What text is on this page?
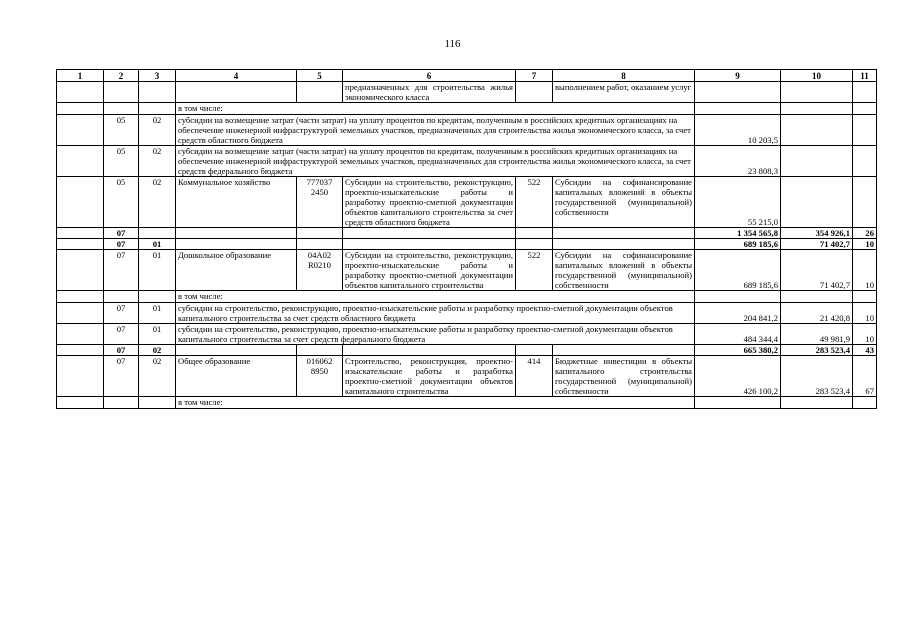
116
1	2	3	4	5	6	7	8	9	10	11
					предназначенных для строительства жилья экономического класса		выполнением работ, оказанием услуг			
			в том числе:							
	05	02	субсидии на возмещение затрат (части затрат) на уплату процентов по кредитам, полученным в российских кредитных организациях на обеспечение инженерной инфраструктурой земельных участков, предназначенных для строительства жилья экономического класса, за счет средств областного бюджета					10 203,5		
	05	02	субсидии на возмещение затрат (части затрат) на уплату процентов по кредитам, полученным в российских кредитных организациях на обеспечение инженерной инфраструктурой земельных участков, предназначенных для строительства жилья экономического класса, за счет средств федерального бюджета					23 808,3		
	05	02	Коммунальное хозяйство	777037 2450	Субсидии на строительство, реконструкцию, проектно-изыскательские работы и разработку проектно-сметной документации объектов капитального строительства за счет средств областного бюджета	522	Субсидии на софинансирование капитальных вложений в объекты государственной (муниципальной) собственности	55 215,0		
	07							1 354 565,8	354 926,1	26
	07	01						689 185,6	71 402,7	10
	07	01	Дошкольное образование	04А02 R0210	Субсидии на строительство, реконструкцию, проектно-изыскательские работы и разработку проектно-сметной документации объектов капитального строительства	522	Субсидии на софинансирование капитальных вложений в объекты государственной (муниципальной) собственности	689 185,6	71 402,7	10
			в том числе:							
	07	01	субсидии на строительство, реконструкцию, проектно-изыскательские работы и разработку проектно-сметной документации объектов капитального строительства за счет средств областного бюджета					204 841,2	21 420,8	10
	07	01	субсидии на строительство, реконструкцию, проектно-изыскательские работы и разработку проектно-сметной документации объектов капитального строительства за счет средств федерального бюджета					484 344,4	49 981,9	10
	07	02						665 380,2	283 523,4	43
	07	02	Общее образование	016062 8950	Строительство, реконструкция, проектно-изыскательские работы и разработка проектно-сметной документации объектов капитального строительства	414	Бюджетные инвестиции в объекты капитального строительства государственной (муниципальной) собственности	426 100,2	283 523,4	67
			в том числе:							
